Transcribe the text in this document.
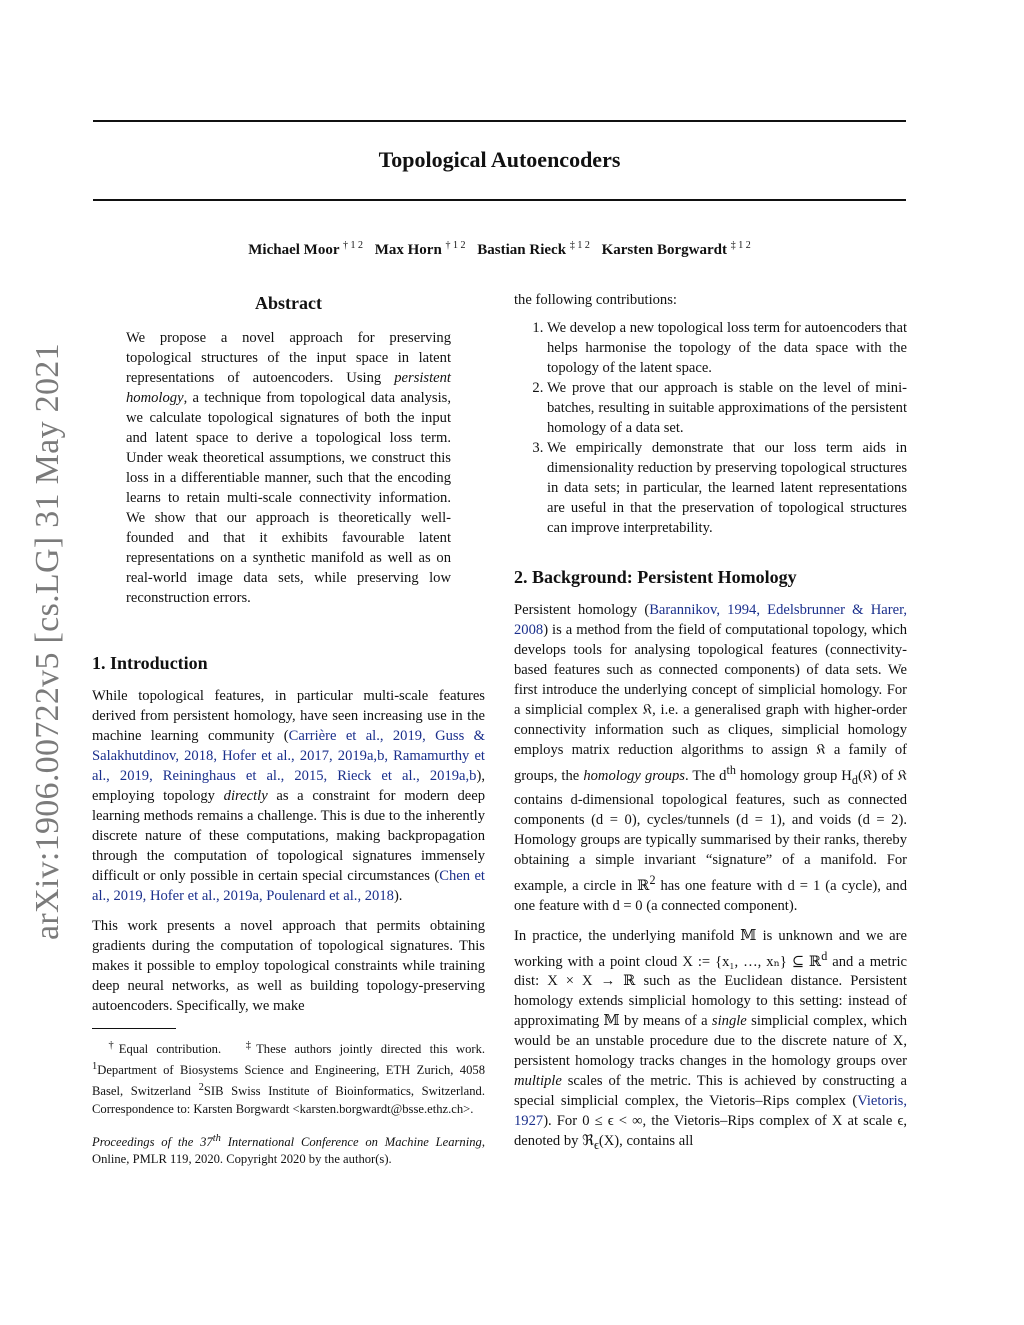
arXiv:1906.00722v5 [cs.LG] 31 May 2021
Topological Autoencoders
Michael Moor $^{\dagger 1 2}$ Max Horn $^{\dagger 1 2}$ Bastian Rieck $^{\ddagger 1 2}$ Karsten Borgwardt $^{\ddagger 1 2}$
Abstract
We propose a novel approach for preserving topological structures of the input space in latent representations of autoencoders. Using persistent homology, a technique from topological data analysis, we calculate topological signatures of both the input and latent space to derive a topological loss term. Under weak theoretical assumptions, we construct this loss in a differentiable manner, such that the encoding learns to retain multi-scale connectivity information. We show that our approach is theoretically well-founded and that it exhibits favourable latent representations on a synthetic manifold as well as on real-world image data sets, while preserving low reconstruction errors.
1. Introduction

While topological features, in particular multi-scale features derived from persistent homology, have seen increasing use in the machine learning community (Carrière et al., 2019, Guss & Salakhutdinov, 2018, Hofer et al., 2017, 2019a,b, Ramamurthy et al., 2019, Reininghaus et al., 2015, Rieck et al., 2019a,b), employing topology directly as a constraint for modern deep learning methods remains a challenge. This is due to the inherently discrete nature of these computations, making backpropagation through the computation of topological signatures immensely difficult or only possible in certain special circumstances (Chen et al., 2019, Hofer et al., 2019a, Poulenard et al., 2018).

This work presents a novel approach that permits obtaining gradients during the computation of topological signatures. This makes it possible to employ topological constraints while training deep neural networks, as well as building topology-preserving autoencoders. Specifically, we make

†Equal contribution. ‡These authors jointly directed this work. $^1$Department of Biosystems Science and Engineering, ETH Zurich, 4058 Basel, Switzerland $^2$SIB Swiss Institute of Bioinformatics, Switzerland. Correspondence to: Karsten Borgwardt <karsten.borgwardt@bsse.ethz.ch>.
Proceedings of the 37th International Conference on Machine Learning, Online, PMLR 119, 2020. Copyright 2020 by the author(s).
the following contributions:
1. We develop a new topological loss term for autoencoders that helps harmonise the topology of the data space with the topology of the latent space.
2. We prove that our approach is stable on the level of mini-batches, resulting in suitable approximations of the persistent homology of a data set.
3. We empirically demonstrate that our loss term aids in dimensionality reduction by preserving topological structures in data sets; in particular, the learned latent representations are useful in that the preservation of topological structures can improve interpretability.
2. Background: Persistent Homology

Persistent homology (Barannikov, 1994, Edelsbrunner & Harer, 2008) is a method from the field of computational topology, which develops tools for analysing topological features (connectivity-based features such as connected components) of data sets. We first introduce the underlying concept of simplicial homology. For a simplicial complex 𝔎, i.e. a generalised graph with higher-order connectivity information such as cliques, simplicial homology employs matrix reduction algorithms to assign 𝔎 a family of groups, the homology groups. The $d^{th}$ homology group $H_d(𝔎)$ of 𝔎 contains d-dimensional topological features, such as connected components (d = 0), cycles/tunnels (d = 1), and voids (d = 2). Homology groups are typically summarised by their ranks, thereby obtaining a simple invariant “signature” of a manifold. For example, a circle in ℝ$^2$ has one feature with d = 1 (a cycle), and one feature with d = 0 (a connected component).

In practice, the underlying manifold 𝕄 is unknown and we are working with a point cloud X := {x₁, …, xₙ} ⊆ ℝ$^d$ and a metric dist: X × X → ℝ such as the Euclidean distance. Persistent homology extends simplicial homology to this setting: instead of approximating 𝕄 by means of a single simplicial complex, which would be an unstable procedure due to the discrete nature of X, persistent homology tracks changes in the homology groups over multiple scales of the metric. This is achieved by constructing a special simplicial complex, the Vietoris–Rips complex (Vietoris, 1927). For 0 ≤ ϵ < ∞, the Vietoris–Rips complex of X at scale ϵ, denoted by ℜ$_\epsilon$(X), contains all
